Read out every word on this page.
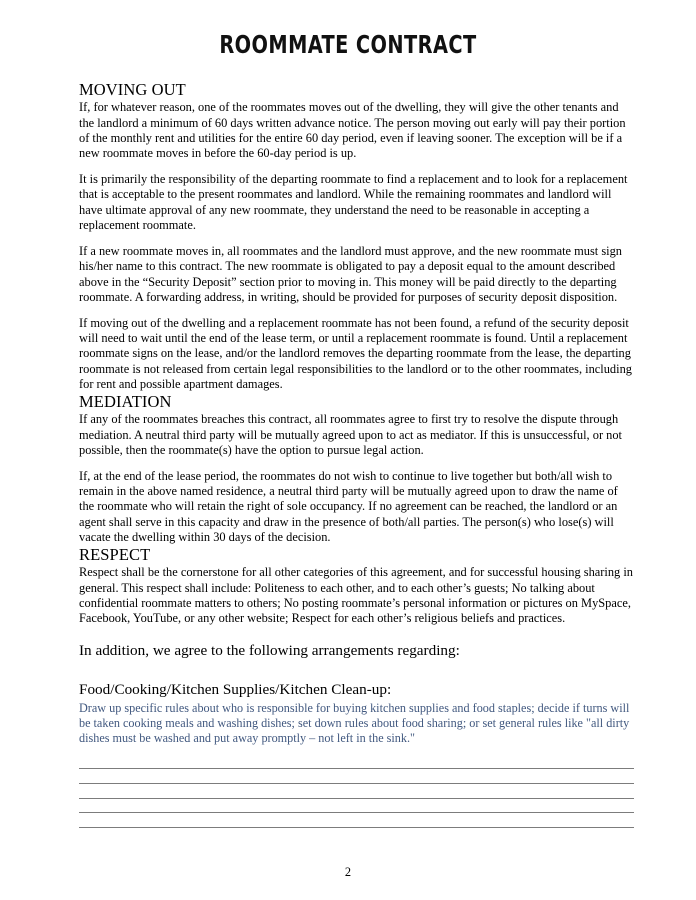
ROOMMATE CONTRACT
MOVING OUT

If, for whatever reason, one of the roommates moves out of the dwelling, they will give the other tenants and the landlord a minimum of 60 days written advance notice. The person moving out early will pay their portion of the monthly rent and utilities for the entire 60 day period, even if leaving sooner. The exception will be if a new roommate moves in before the 60-day period is up.

It is primarily the responsibility of the departing roommate to find a replacement and to look for a replacement that is acceptable to the present roommates and landlord. While the remaining roommates and landlord will have ultimate approval of any new roommate, they understand the need to be reasonable in accepting a replacement roommate.

If a new roommate moves in, all roommates and the landlord must approve, and the new roommate must sign his/her name to this contract. The new roommate is obligated to pay a deposit equal to the amount described above in the “Security Deposit” section prior to moving in. This money will be paid directly to the departing roommate. A forwarding address, in writing, should be provided for purposes of security deposit disposition.

If moving out of the dwelling and a replacement roommate has not been found, a refund of the security deposit will need to wait until the end of the lease term, or until a replacement roommate is found. Until a replacement roommate signs on the lease, and/or the landlord removes the departing roommate from the lease, the departing roommate is not released from certain legal responsibilities to the landlord or to the other roommates, including for rent and possible apartment damages.

MEDIATION

If any of the roommates breaches this contract, all roommates agree to first try to resolve the dispute through mediation. A neutral third party will be mutually agreed upon to act as mediator. If this is unsuccessful, or not possible, then the roommate(s) have the option to pursue legal action.

If, at the end of the lease period, the roommates do not wish to continue to live together but both/all wish to remain in the above named residence, a neutral third party will be mutually agreed upon to draw the name of the roommate who will retain the right of sole occupancy. If no agreement can be reached, the landlord or an agent shall serve in this capacity and draw in the presence of both/all parties. The person(s) who lose(s) will vacate the dwelling within 30 days of the decision.

RESPECT

Respect shall be the cornerstone for all other categories of this agreement, and for successful housing sharing in general. This respect shall include: Politeness to each other, and to each other’s guests; No talking about confidential roommate matters to others; No posting roommate’s personal information or pictures on MySpace, Facebook, YouTube, or any other website; Respect for each other’s religious beliefs and practices.

In addition, we agree to the following arrangements regarding:

Food/Cooking/Kitchen Supplies/Kitchen Clean-up:

Draw up specific rules about who is responsible for buying kitchen supplies and food staples; decide if turns will be taken cooking meals and washing dishes; set down rules about food sharing; or set general rules like "all dirty dishes must be washed and put away promptly – not left in the sink."

2
